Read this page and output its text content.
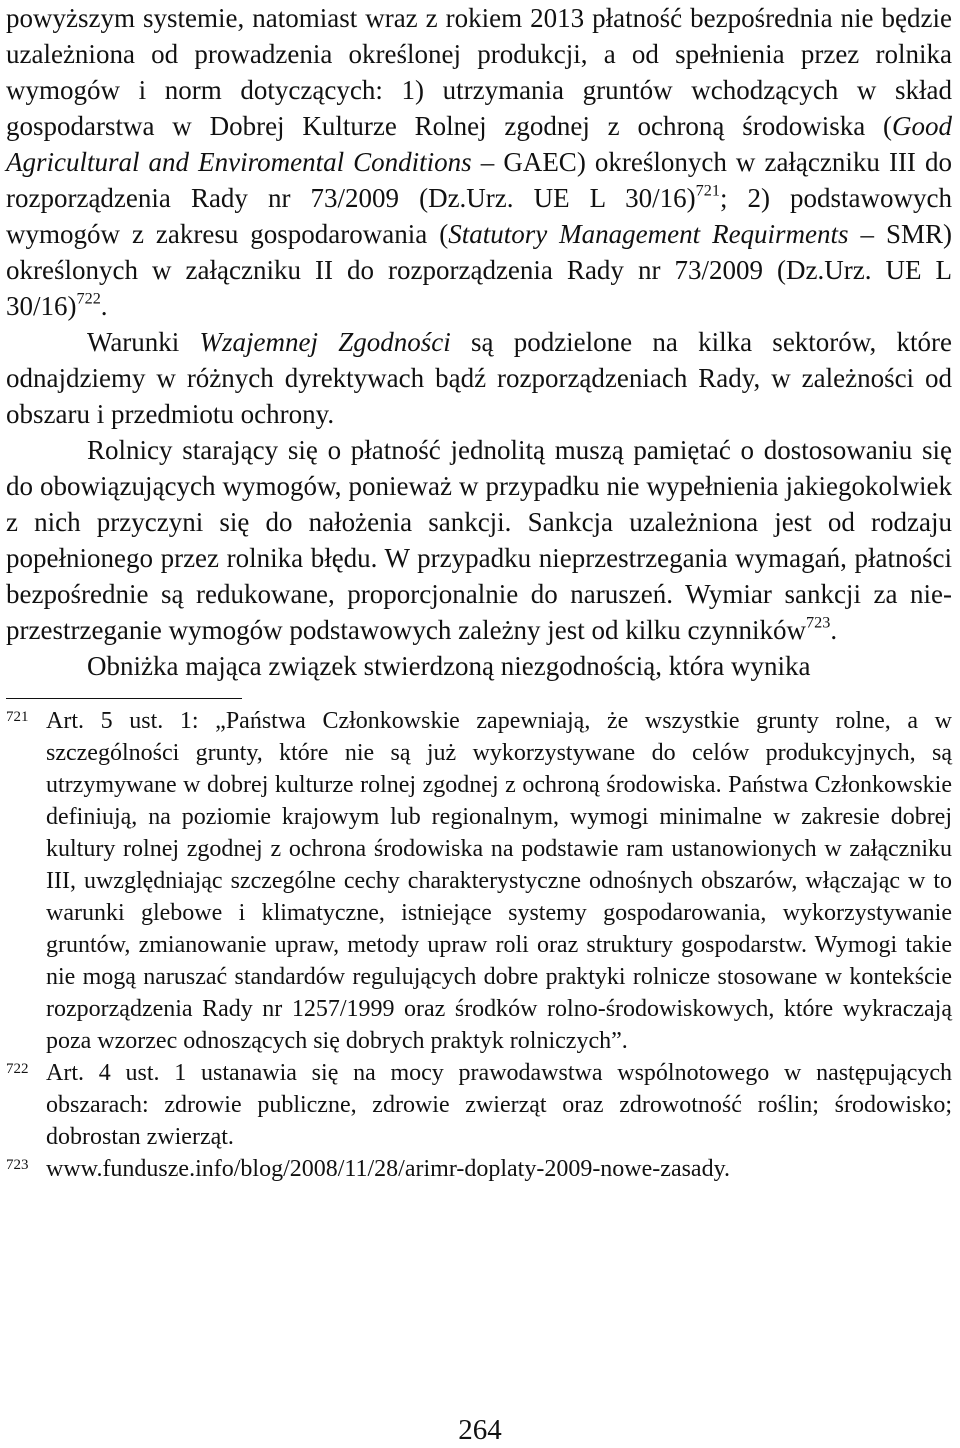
powyższym systemie, natomiast wraz z rokiem 2013 płatność bezpośrednia nie będzie uzależniona od prowadzenia określonej produkcji, a od spełnienia przez rolnika wymogów i norm dotyczących: 1) utrzymania gruntów wchodzących w skład gospodarstwa w Dobrej Kulturze Rolnej zgodnej z ochroną środowiska (Good Agricultural and Enviromental Conditions – GAEC) określonych w załączniku III do rozporządzenia Rady nr 73/2009 (Dz.Urz. UE L 30/16)$^{721}$; 2) podstawowych wymogów z zakresu gospodarowania (Statutory Management Requirments – SMR) określonych w załączniku II do rozporządzenia Rady nr 73/2009 (Dz.Urz. UE L 30/16)$^{722}$.

Warunki Wzajemnej Zgodności są podzielone na kilka sektorów, które odnajdziemy w różnych dyrektywach bądź rozporządzeniach Rady, w zależności od obszaru i przedmiotu ochrony.

Rolnicy starający się o płatność jednolitą muszą pamiętać o dostosowaniu się do obowiązujących wymogów, ponieważ w przypadku nie wypełnienia jakiegokolwiek z nich przyczyni się do nałożenia sankcji. Sankcja uzależniona jest od rodzaju popełnionego przez rolnika błędu. W przypadku nieprzestrzegania wymagań, płatności bezpośrednie są redukowane, proporcjonalnie do naruszeń. Wymiar sankcji za nie-przestrzeganie wymogów podstawowych zależny jest od kilku czynników$^{723}$.

Obniżka mająca związek stwierdzoną niezgodnością, która wynika

721 Art. 5 ust. 1: „Państwa Członkowskie zapewniają, że wszystkie grunty rolne, a w szczególności grunty, które nie są już wykorzystywane do celów produkcyjnych, są utrzymywane w dobrej kulturze rolnej zgodnej z ochroną środowiska. Państwa Członkowskie definiują, na poziomie krajowym lub regionalnym, wymogi minimalne w zakresie dobrej kultury rolnej zgodnej z ochrona środowiska na podstawie ram ustanowionych w załączniku III, uwzględniając szczególne cechy charakterystyczne odnośnych obszarów, włączając w to warunki glebowe i klimatyczne, istniejące systemy gospodarowania, wykorzystywanie gruntów, zmianowanie upraw, metody upraw roli oraz struktury gospodarstw. Wymogi takie nie mogą naruszać standardów regulujących dobre praktyki rolnicze stosowane w kontekście rozporządzenia Rady nr 1257/1999 oraz środków rolno-środowiskowych, które wykraczają poza wzorzec odnoszących się dobrych praktyk rolniczych”.

722 Art. 4 ust. 1 ustanawia się na mocy prawodawstwa wspólnotowego w następujących obszarach: zdrowie publiczne, zdrowie zwierząt oraz zdrowotność roślin; środowisko; dobrostan zwierząt.

723 www.fundusze.info/blog/2008/11/28/arimr-doplaty-2009-nowe-zasady.

264
